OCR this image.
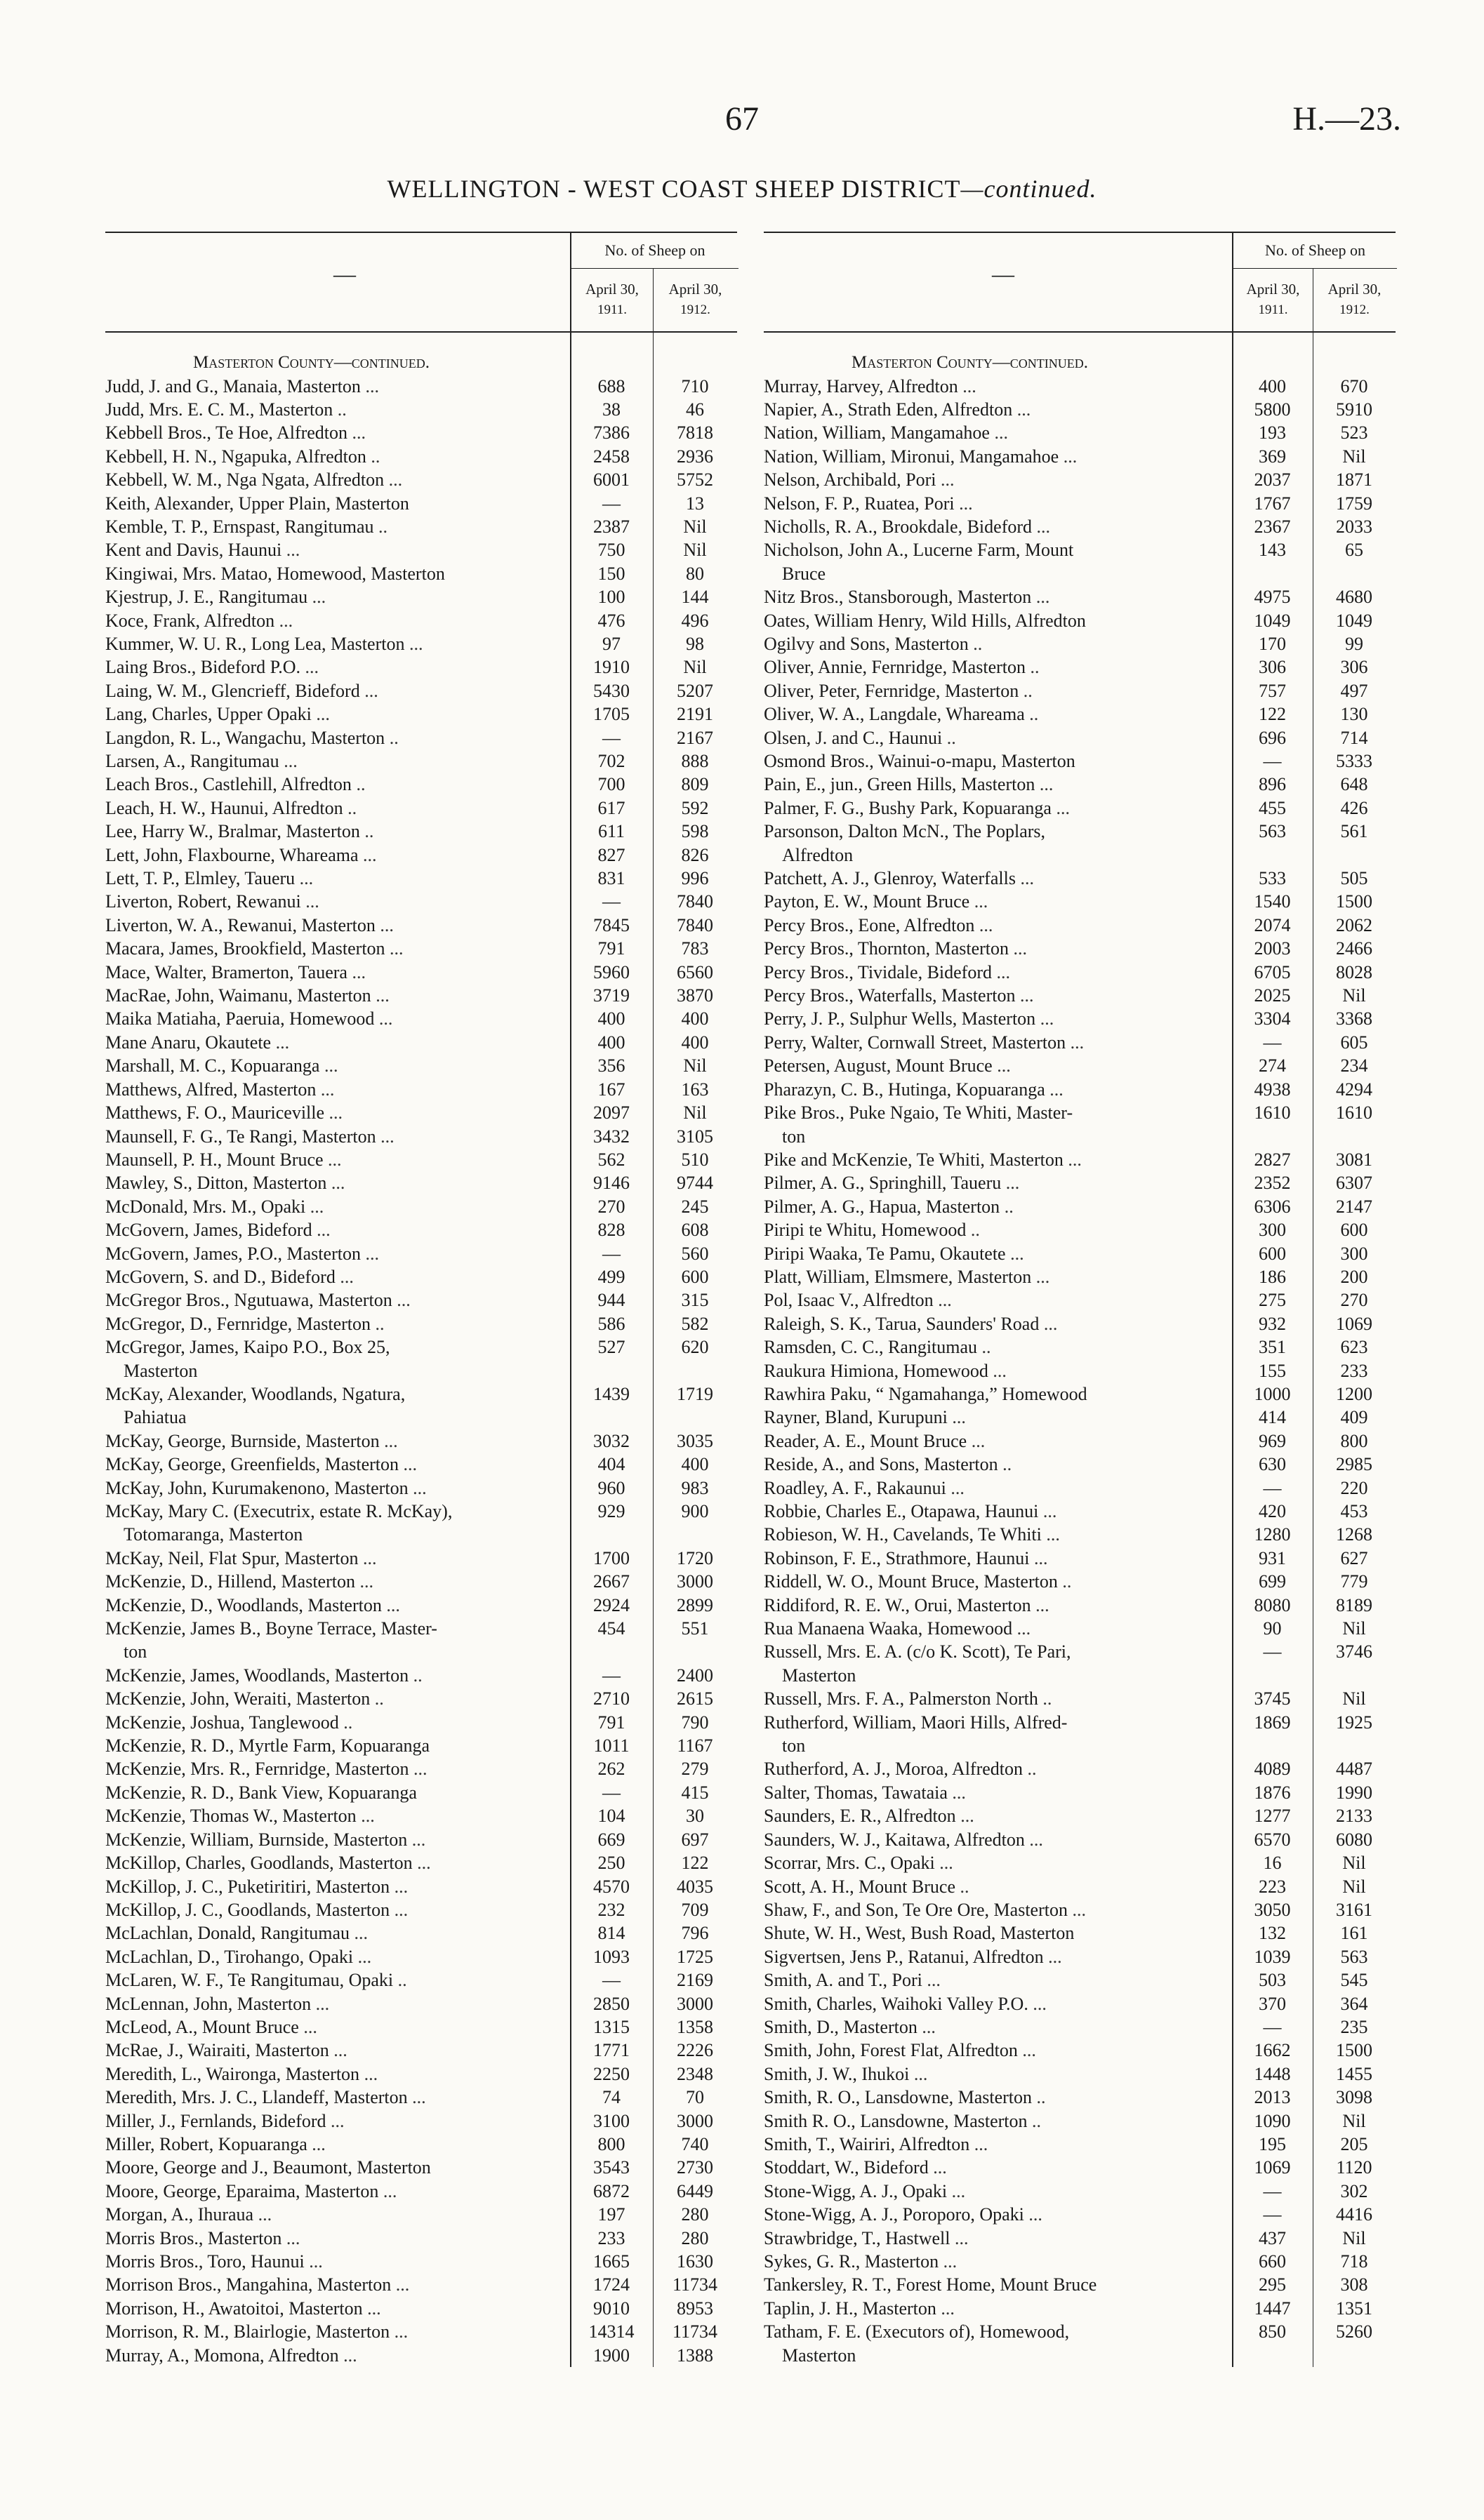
67	H.—23.
WELLINGTON - WEST COAST SHEEP DISTRICT—continued.
—
No. of Sheep on
April 30,
1911.
April 30,
1912.
Masterton County—continued.
Judd, J. and G., Manaia, Masterton ...	688	710
Judd, Mrs. E. C. M., Masterton ..	38	46
Kebbell Bros., Te Hoe, Alfredton ...	7386	7818
Kebbell, H. N., Ngapuka, Alfredton ..	2458	2936
Kebbell, W. M., Nga Ngata, Alfredton ...	6001	5752
Keith, Alexander, Upper Plain, Masterton	—	13
Kemble, T. P., Ernspast, Rangitumau ..	2387	Nil
Kent and Davis, Haunui ...	750	Nil
Kingiwai, Mrs. Matao, Homewood, Masterton	150	80
Kjestrup, J. E., Rangitumau ...	100	144
Koce, Frank, Alfredton ...	476	496
Kummer, W. U. R., Long Lea, Masterton ...	97	98
Laing Bros., Bideford P.O. ...	1910	Nil
Laing, W. M., Glencrieff, Bideford ...	5430	5207
Lang, Charles, Upper Opaki ...	1705	2191
Langdon, R. L., Wangachu, Masterton ..	—	2167
Larsen, A., Rangitumau ...	702	888
Leach Bros., Castlehill, Alfredton ..	700	809
Leach, H. W., Haunui, Alfredton ..	617	592
Lee, Harry W., Bralmar, Masterton ..	611	598
Lett, John, Flaxbourne, Whareama ...	827	826
Lett, T. P., Elmley, Taueru ...	831	996
Liverton, Robert, Rewanui ...	—	7840
Liverton, W. A., Rewanui, Masterton ...	7845	7840
Macara, James, Brookfield, Masterton ...	791	783
Mace, Walter, Bramerton, Tauera ...	5960	6560
MacRae, John, Waimanu, Masterton ...	3719	3870
Maika Matiaha, Paeruia, Homewood ...	400	400
Mane Anaru, Okautete ...	400	400
Marshall, M. C., Kopuaranga ...	356	Nil
Matthews, Alfred, Masterton ...	167	163
Matthews, F. O., Mauriceville ...	2097	Nil
Maunsell, F. G., Te Rangi, Masterton ...	3432	3105
Maunsell, P. H., Mount Bruce ...	562	510
Mawley, S., Ditton, Masterton ...	9146	9744
McDonald, Mrs. M., Opaki ...	270	245
McGovern, James, Bideford ...	828	608
McGovern, James, P.O., Masterton ...	—	560
McGovern, S. and D., Bideford ...	499	600
McGregor Bros., Ngutuawa, Masterton ...	944	315
McGregor, D., Fernridge, Masterton ..	586	582
McGregor, James, Kaipo P.O., Box 25,	527	620
Masterton
McKay, Alexander, Woodlands, Ngatura,	1439	1719
Pahiatua
McKay, George, Burnside, Masterton ...	3032	3035
McKay, George, Greenfields, Masterton ...	404	400
McKay, John, Kurumakenono, Masterton ...	960	983
McKay, Mary C. (Executrix, estate R. McKay),	929	900
Totomaranga, Masterton
McKay, Neil, Flat Spur, Masterton ...	1700	1720
McKenzie, D., Hillend, Masterton ...	2667	3000
McKenzie, D., Woodlands, Masterton ...	2924	2899
McKenzie, James B., Boyne Terrace, Master-	454	551
ton
McKenzie, James, Woodlands, Masterton ..	—	2400
McKenzie, John, Weraiti, Masterton ..	2710	2615
McKenzie, Joshua, Tanglewood ..	791	790
McKenzie, R. D., Myrtle Farm, Kopuaranga	1011	1167
McKenzie, Mrs. R., Fernridge, Masterton ...	262	279
McKenzie, R. D., Bank View, Kopuaranga	—	415
McKenzie, Thomas W., Masterton ...	104	30
McKenzie, William, Burnside, Masterton ...	669	697
McKillop, Charles, Goodlands, Masterton ...	250	122
McKillop, J. C., Puketiritiri, Masterton ...	4570	4035
McKillop, J. C., Goodlands, Masterton ...	232	709
McLachlan, Donald, Rangitumau ...	814	796
McLachlan, D., Tirohango, Opaki ...	1093	1725
McLaren, W. F., Te Rangitumau, Opaki ..	—	2169
McLennan, John, Masterton ...	2850	3000
McLeod, A., Mount Bruce ...	1315	1358
McRae, J., Wairaiti, Masterton ...	1771	2226
Meredith, L., Waironga, Masterton ...	2250	2348
Meredith, Mrs. J. C., Llandeff, Masterton ...	74	70
Miller, J., Fernlands, Bideford ...	3100	3000
Miller, Robert, Kopuaranga ...	800	740
Moore, George and J., Beaumont, Masterton	3543	2730
Moore, George, Eparaima, Masterton ...	6872	6449
Morgan, A., Ihuraua ...	197	280
Morris Bros., Masterton ...	233	280
Morris Bros., Toro, Haunui ...	1665	1630
Morrison Bros., Mangahina, Masterton ...	1724	11734
Morrison, H., Awatoitoi, Masterton ...	9010	8953
Morrison, R. M., Blairlogie, Masterton ...	14314	11734
Murray, A., Momona, Alfredton ...	1900	1388
—
No. of Sheep on
April 30,
1911.
April 30,
1912.
Masterton County—continued.
Murray, Harvey, Alfredton ...	400	670
Napier, A., Strath Eden, Alfredton ...	5800	5910
Nation, William, Mangamahoe ...	193	523
Nation, William, Mironui, Mangamahoe ...	369	Nil
Nelson, Archibald, Pori ...	2037	1871
Nelson, F. P., Ruatea, Pori ...	1767	1759
Nicholls, R. A., Brookdale, Bideford ...	2367	2033
Nicholson, John A., Lucerne Farm, Mount	143	65
Bruce
Nitz Bros., Stansborough, Masterton ...	4975	4680
Oates, William Henry, Wild Hills, Alfredton	1049	1049
Ogilvy and Sons, Masterton ..	170	99
Oliver, Annie, Fernridge, Masterton ..	306	306
Oliver, Peter, Fernridge, Masterton ..	757	497
Oliver, W. A., Langdale, Whareama ..	122	130
Olsen, J. and C., Haunui ..	696	714
Osmond Bros., Wainui-o-mapu, Masterton	—	5333
Pain, E., jun., Green Hills, Masterton ...	896	648
Palmer, F. G., Bushy Park, Kopuaranga ...	455	426
Parsonson, Dalton McN., The Poplars,	563	561
Alfredton
Patchett, A. J., Glenroy, Waterfalls ...	533	505
Payton, E. W., Mount Bruce ...	1540	1500
Percy Bros., Eone, Alfredton ...	2074	2062
Percy Bros., Thornton, Masterton ...	2003	2466
Percy Bros., Tividale, Bideford ...	6705	8028
Percy Bros., Waterfalls, Masterton ...	2025	Nil
Perry, J. P., Sulphur Wells, Masterton ...	3304	3368
Perry, Walter, Cornwall Street, Masterton ...	—	605
Petersen, August, Mount Bruce ...	274	234
Pharazyn, C. B., Hutinga, Kopuaranga ...	4938	4294
Pike Bros., Puke Ngaio, Te Whiti, Master-	1610	1610
ton
Pike and McKenzie, Te Whiti, Masterton ...	2827	3081
Pilmer, A. G., Springhill, Taueru ...	2352	6307
Pilmer, A. G., Hapua, Masterton ..	6306	2147
Piripi te Whitu, Homewood ..	300	600
Piripi Waaka, Te Pamu, Okautete ...	600	300
Platt, William, Elmsmere, Masterton ...	186	200
Pol, Isaac V., Alfredton ...	275	270
Raleigh, S. K., Tarua, Saunders' Road ...	932	1069
Ramsden, C. C., Rangitumau ..	351	623
Raukura Himiona, Homewood ...	155	233
Rawhira Paku, “ Ngamahanga,” Homewood	1000	1200
Rayner, Bland, Kurupuni ...	414	409
Reader, A. E., Mount Bruce ...	969	800
Reside, A., and Sons, Masterton ..	630	2985
Roadley, A. F., Rakaunui ...	—	220
Robbie, Charles E., Otapawa, Haunui ...	420	453
Robieson, W. H., Cavelands, Te Whiti ...	1280	1268
Robinson, F. E., Strathmore, Haunui ...	931	627
Riddell, W. O., Mount Bruce, Masterton ..	699	779
Riddiford, R. E. W., Orui, Masterton ...	8080	8189
Rua Manaena Waaka, Homewood ...	90	Nil
Russell, Mrs. E. A. (c/o K. Scott), Te Pari,	—	3746
Masterton
Russell, Mrs. F. A., Palmerston North ..	3745	Nil
Rutherford, William, Maori Hills, Alfred-	1869	1925
ton
Rutherford, A. J., Moroa, Alfredton ..	4089	4487
Salter, Thomas, Tawataia ...	1876	1990
Saunders, E. R., Alfredton ...	1277	2133
Saunders, W. J., Kaitawa, Alfredton ...	6570	6080
Scorrar, Mrs. C., Opaki ...	16	Nil
Scott, A. H., Mount Bruce ..	223	Nil
Shaw, F., and Son, Te Ore Ore, Masterton ...	3050	3161
Shute, W. H., West, Bush Road, Masterton	132	161
Sigvertsen, Jens P., Ratanui, Alfredton ...	1039	563
Smith, A. and T., Pori ...	503	545
Smith, Charles, Waihoki Valley P.O. ...	370	364
Smith, D., Masterton ...	—	235
Smith, John, Forest Flat, Alfredton ...	1662	1500
Smith, J. W., Ihukoi ...	1448	1455
Smith, R. O., Lansdowne, Masterton ..	2013	3098
Smith R. O., Lansdowne, Masterton ..	1090	Nil
Smith, T., Wairiri, Alfredton ...	195	205
Stoddart, W., Bideford ...	1069	1120
Stone-Wigg, A. J., Opaki ...	—	302
Stone-Wigg, A. J., Poroporo, Opaki ...	—	4416
Strawbridge, T., Hastwell ...	437	Nil
Sykes, G. R., Masterton ...	660	718
Tankersley, R. T., Forest Home, Mount Bruce	295	308
Taplin, J. H., Masterton ...	1447	1351
Tatham, F. E. (Executors of), Homewood,	850	5260
Masterton
